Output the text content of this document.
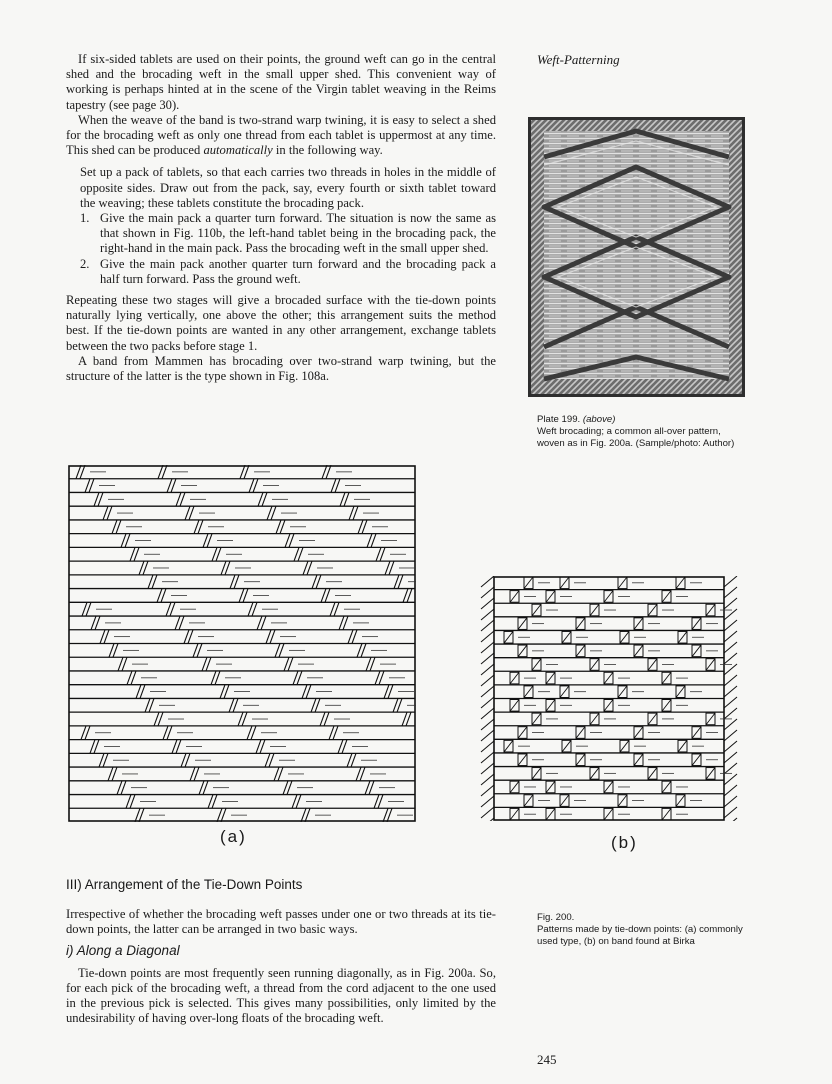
Weft-Patterning

If six-sided tablets are used on their points, the ground weft can go in the central shed and the brocading weft in the small upper shed. This convenient way of working is perhaps hinted at in the scene of the Virgin tablet weaving in the Reims tapestry (see page 30).

When the weave of the band is two-strand warp twining, it is easy to select a shed for the brocading weft as only one thread from each tablet is uppermost at any time. This shed can be produced automatically in the following way.

Set up a pack of tablets, so that each carries two threads in holes in the middle of opposite sides. Draw out from the pack, say, every fourth or sixth tablet toward the weaving; these tablets constitute the brocading pack.

1. Give the main pack a quarter turn forward. The situation is now the same as that shown in Fig. 110b, the left-hand tablet being in the brocading pack, the right-hand in the main pack. Pass the brocading weft in the small upper shed.
2. Give the main pack another quarter turn forward and the brocading pack a half turn forward. Pass the ground weft.

Repeating these two stages will give a brocaded surface with the tie-down points naturally lying vertically, one above the other; this arrangement suits the method best. If the tie-down points are wanted in any other arrangement, exchange tablets between the two packs before stage 1.

A band from Mammen has brocading over two-strand warp twining, but the structure of the latter is the type shown in Fig. 108a.

Plate 199. (above)
Weft brocading; a common all-over pattern, woven as in Fig. 200a. (Sample/photo: Author)
(a)	(b)
III) Arrangement of the Tie-Down Points

Irrespective of whether the brocading weft passes under one or two threads at its tie-down points, the latter can be arranged in two basic ways.

i) Along a Diagonal

Tie-down points are most frequently seen running diagonally, as in Fig. 200a. So, for each pick of the brocading weft, a thread from the cord adjacent to the one used in the previous pick is selected. This gives many possibilities, only limited by the undesirability of having over-long floats of the brocading weft.

Fig. 200.
Patterns made by tie-down points: (a) commonly used type, (b) on band found at Birka
245
